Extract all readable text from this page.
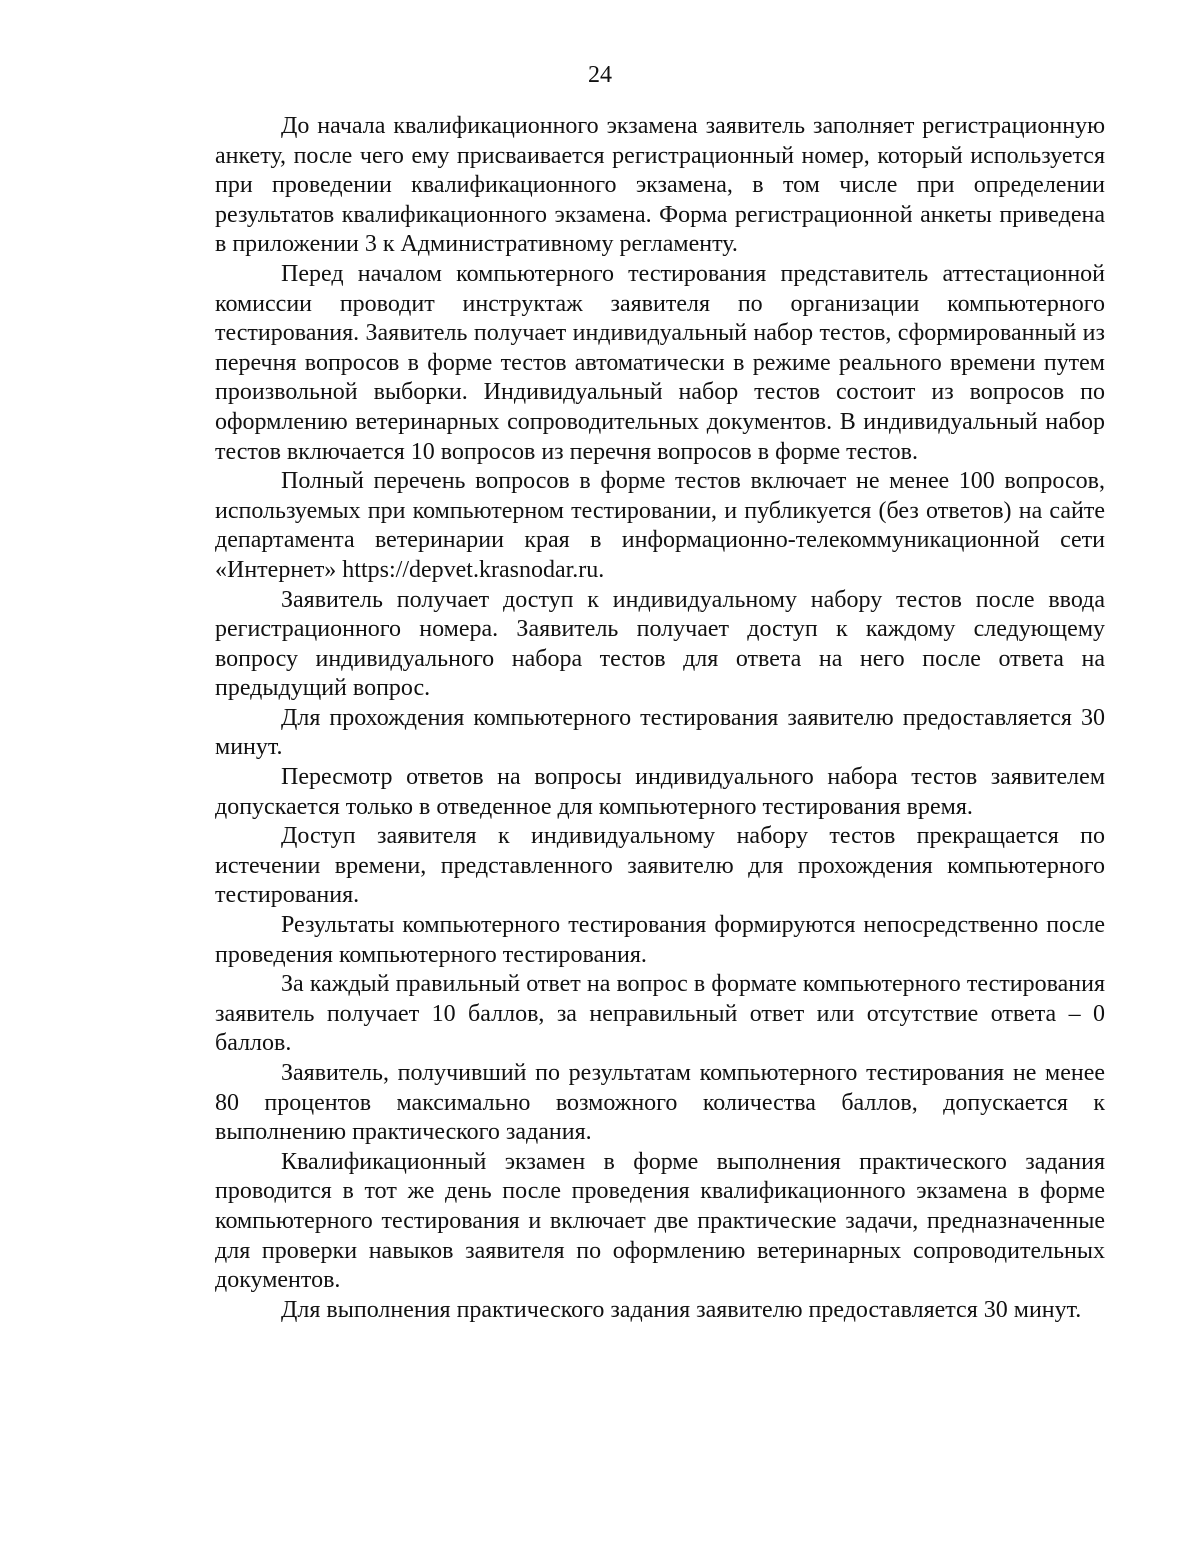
24

До начала квалификационного экзамена заявитель заполняет регистрационную анкету, после чего ему присваивается регистрационный номер, который используется при проведении квалификационного экзамена, в том числе при определении результатов квалификационного экзамена. Форма регистрационной анкеты приведена в приложении 3 к Административному регламенту.

Перед началом компьютерного тестирования представитель аттестационной комиссии проводит инструктаж заявителя по организации компьютерного тестирования. Заявитель получает индивидуальный набор тестов, сформированный из перечня вопросов в форме тестов автоматически в режиме реального времени путем произвольной выборки. Индивидуальный набор тестов состоит из вопросов по оформлению ветеринарных сопроводительных документов. В индивидуальный набор тестов включается 10 вопросов из перечня вопросов в форме тестов.

Полный перечень вопросов в форме тестов включает не менее 100 вопросов, используемых при компьютерном тестировании, и публикуется (без ответов) на сайте департамента ветеринарии края в информационно-телекоммуникационной сети «Интернет» https://depvet.krasnodar.ru.

Заявитель получает доступ к индивидуальному набору тестов после ввода регистрационного номера. Заявитель получает доступ к каждому следующему вопросу индивидуального набора тестов для ответа на него после ответа на предыдущий вопрос.

Для прохождения компьютерного тестирования заявителю предоставляется 30 минут.

Пересмотр ответов на вопросы индивидуального набора тестов заявителем допускается только в отведенное для компьютерного тестирования время.

Доступ заявителя к индивидуальному набору тестов прекращается по истечении времени, представленного заявителю для прохождения компьютерного тестирования.

Результаты компьютерного тестирования формируются непосредственно после проведения компьютерного тестирования.

За каждый правильный ответ на вопрос в формате компьютерного тестирования заявитель получает 10 баллов, за неправильный ответ или отсутствие ответа – 0 баллов.

Заявитель, получивший по результатам компьютерного тестирования не менее 80 процентов максимально возможного количества баллов, допускается к выполнению практического задания.

Квалификационный экзамен в форме выполнения практического задания проводится в тот же день после проведения квалификационного экзамена в форме компьютерного тестирования и включает две практические задачи, предназначенные для проверки навыков заявителя по оформлению ветеринарных сопроводительных документов.

Для выполнения практического задания заявителю предоставляется 30 минут.
